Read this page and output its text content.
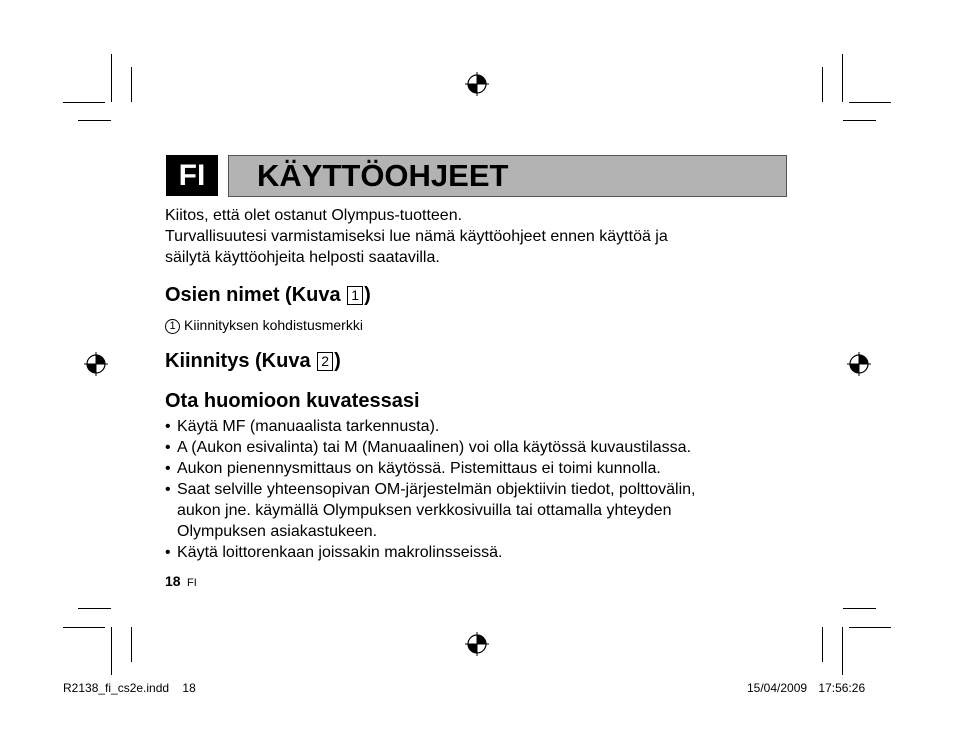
FI KÄYTTÖOHJEET
Kiitos, että olet ostanut Olympus-tuotteen.
Turvallisuutesi varmistamiseksi lue nämä käyttöohjeet ennen käyttöä ja
säilytä käyttöohjeita helposti saatavilla.
Osien nimet (Kuva 1 )
1 Kiinnityksen kohdistusmerkki
Kiinnitys (Kuva 2 )
Ota huomioon kuvatessasi
• Käytä MF (manuaalista tarkennusta).
• A (Aukon esivalinta) tai M (Manuaalinen) voi olla käytössä kuvaustilassa.
• Aukon pienennysmittaus on käytössä. Pistemittaus ei toimi kunnolla.
• Saat selville yhteensopivan OM-järjestelmän objektiivin tiedot, polttovälin,
aukon jne. käymällä Olympuksen verkkosivuilla tai ottamalla yhteyden
Olympuksen asiakastukeen.
• Käytä loittorenkaan joissakin makrolinsseissä.
18 FI
R2138_fi_cs2e.indd 18	15/04/2009 17:56:26
